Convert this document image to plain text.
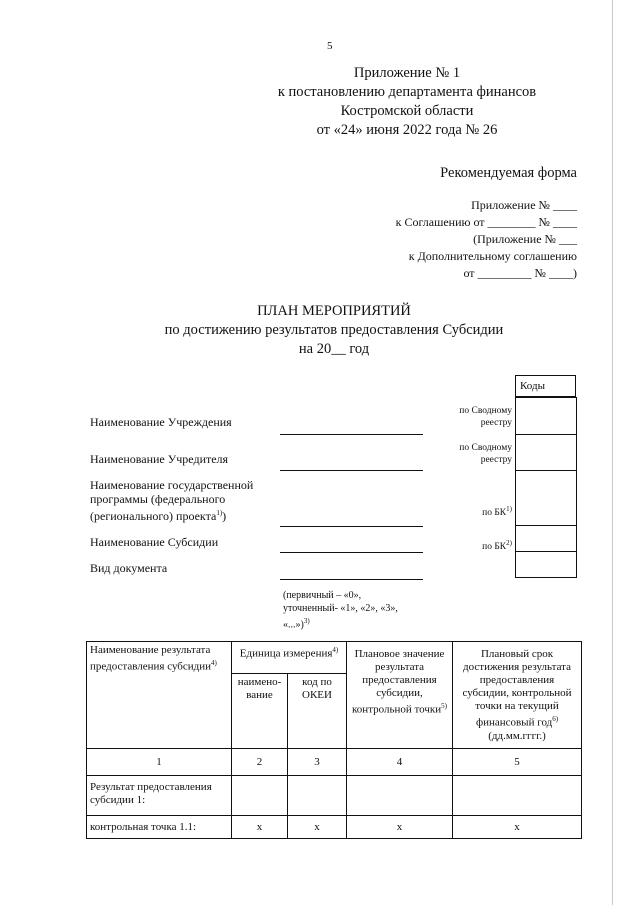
5
Приложение № 1
к постановлению департамента финансов
Костромской области
от «24» июня 2022 года № 26
Рекомендуемая форма
Приложение № ____
к Соглашению от ________ № ____
(Приложение № ___
к Дополнительному соглашению
от _________ № ____)
ПЛАН МЕРОПРИЯТИЙ
по достижению результатов предоставления Субсидии
на 20__ год
Коды

Наименование Учреждения
Наименование Учредителя
Наименование государственной
программы (федерального
(регионального) проекта$^{1)}$)
Наименование Субсидии
Вид документа
по Сводному
реестру
по Сводному
реестру
по БК$^{1)}$
по БК$^{2)}$
(первичный – «0»,
уточненный- «1», «2», «3»,
«...»)$^{3)}$
Наименование результата предоставления субсидии$^{4)}$	Единица измерения$^{4)}$		Плановое значение результата предоставления субсидии, контрольной точки$^{5)}$	Плановый срок достижения результата предоставления субсидии, контрольной точки на текущий финансовый год$^{6)}$ (дд.мм.гггг.)
	наимено-вание	код по ОКЕИ		
1	2	3	4	5
Результат предоставления субсидии 1:				
контрольная точка 1.1:	x	x	x	x
